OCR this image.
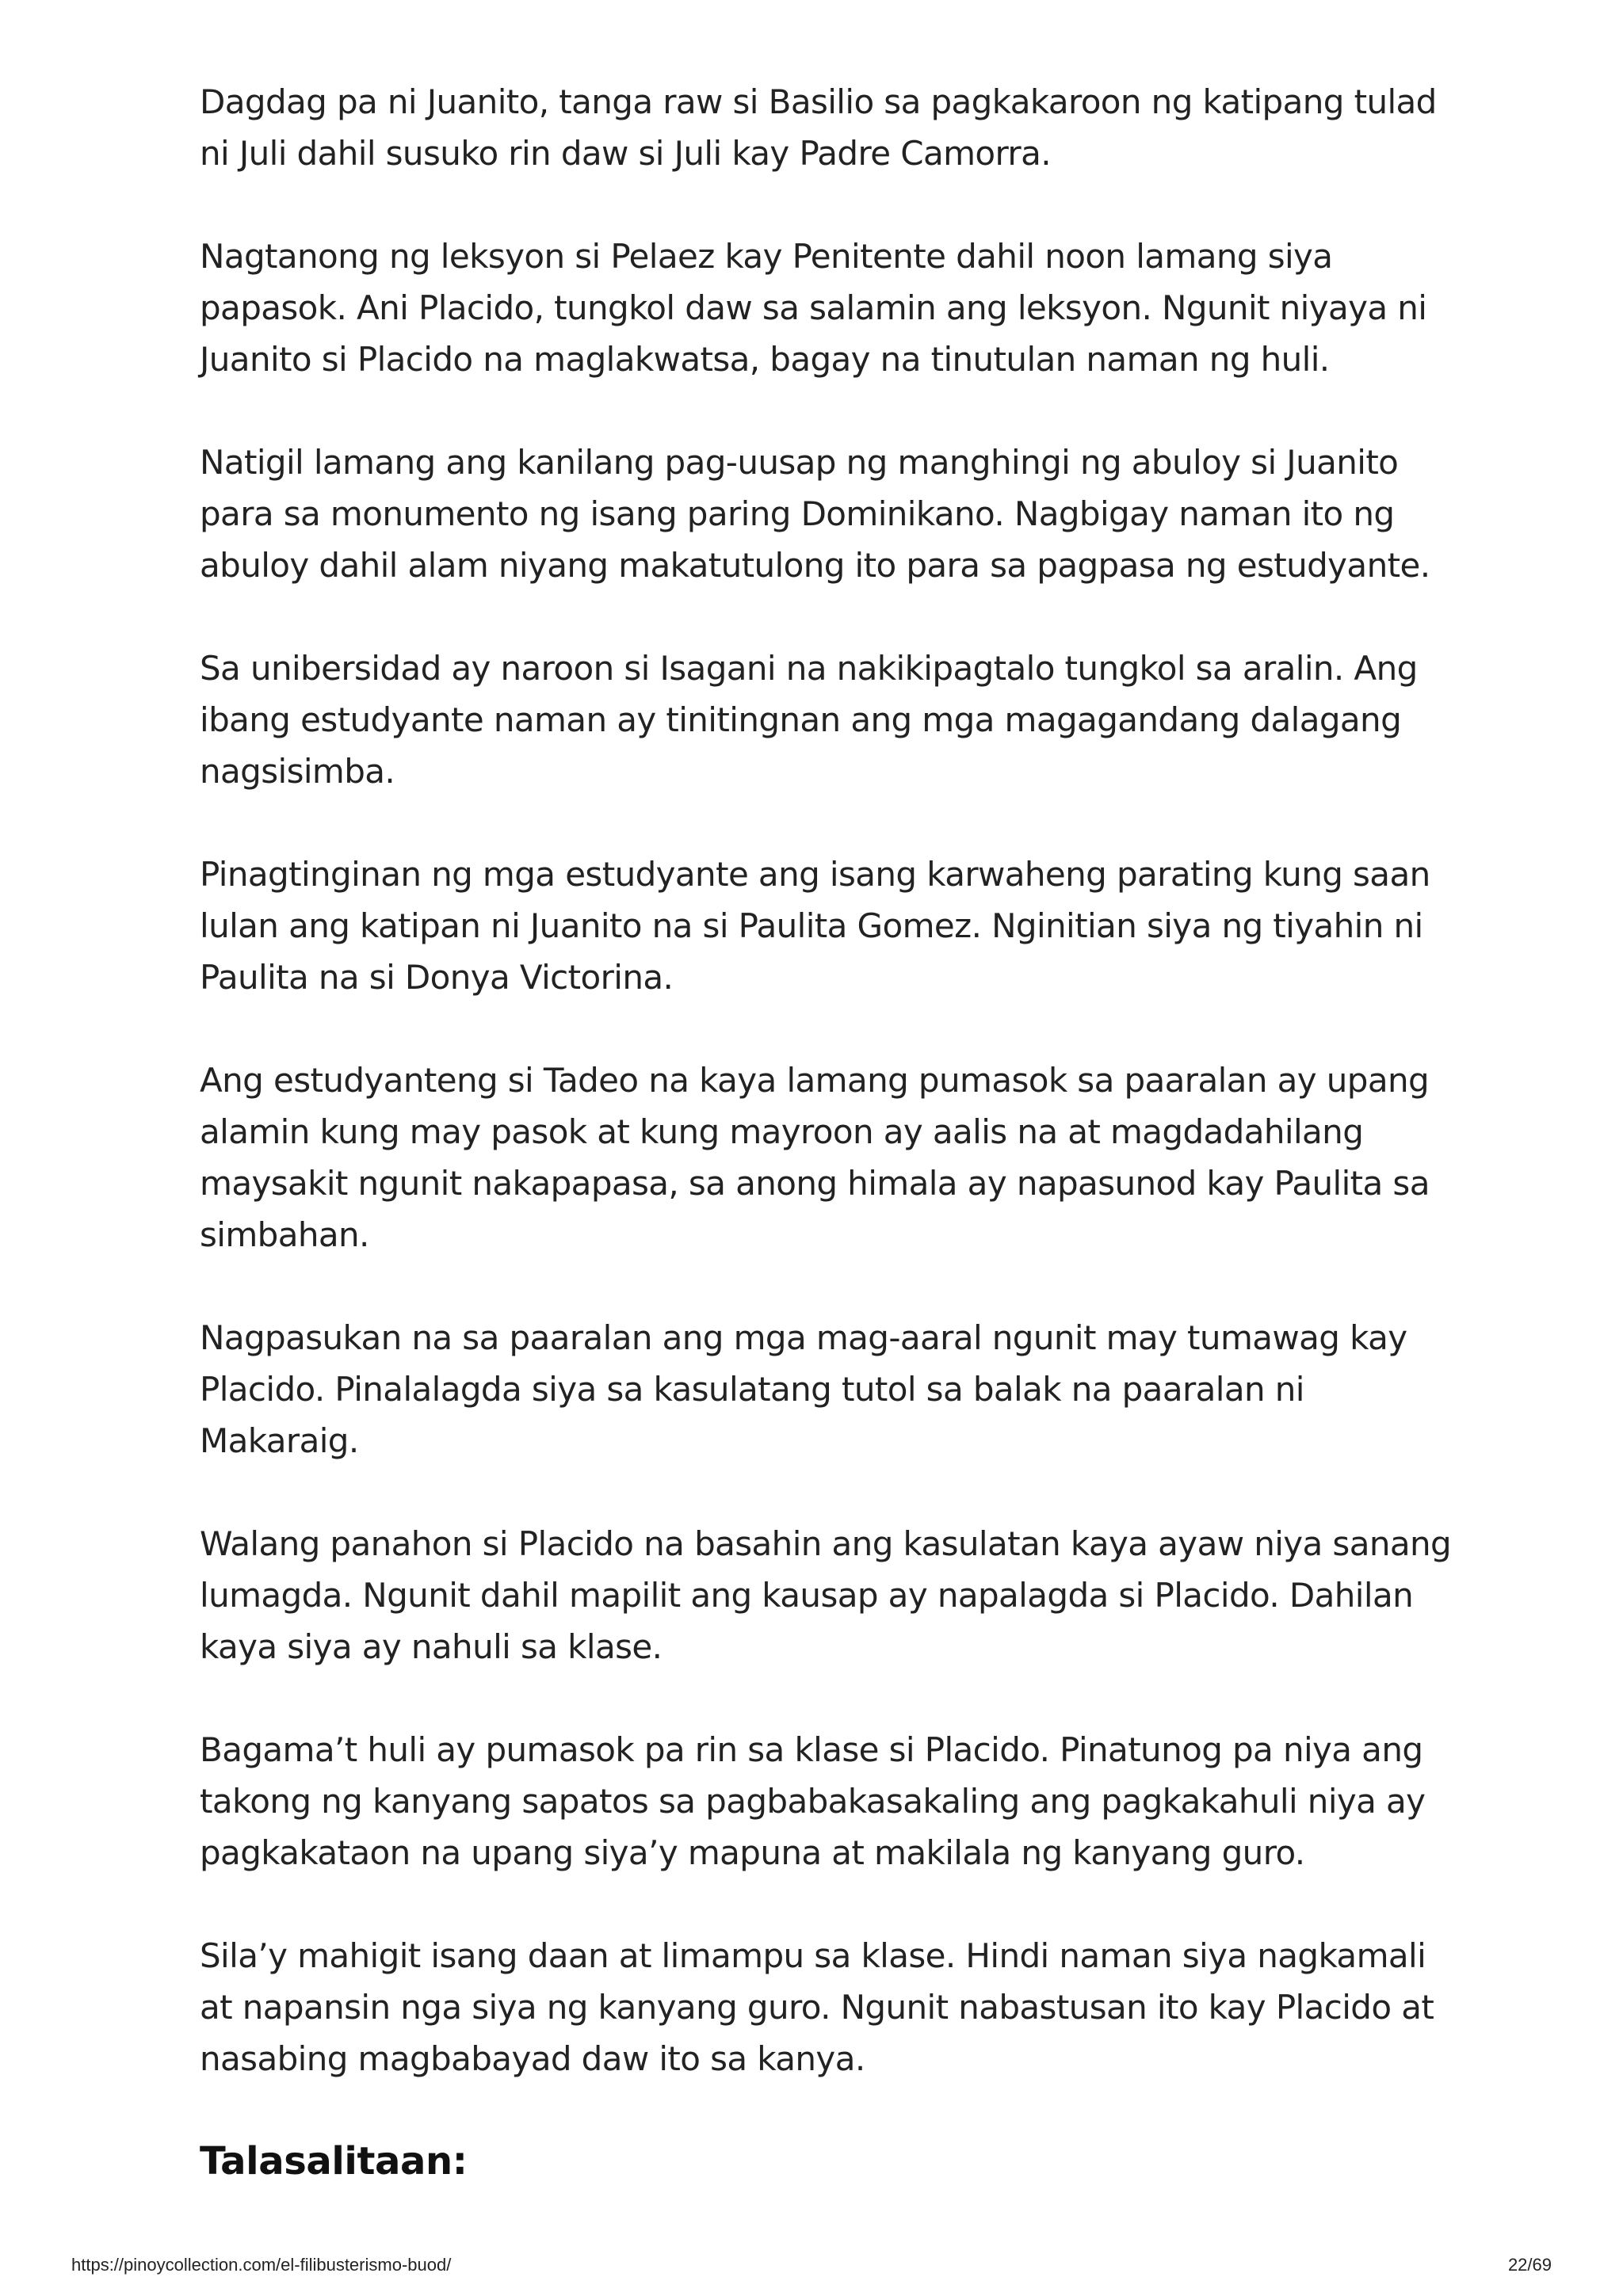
Dagdag pa ni Juanito, tanga raw si Basilio sa pagkakaroon ng katipang tulad ni Juli dahil susuko rin daw si Juli kay Padre Camorra.

Nagtanong ng leksyon si Pelaez kay Penitente dahil noon lamang siya papasok. Ani Placido, tungkol daw sa salamin ang leksyon. Ngunit niyaya ni Juanito si Placido na maglakwatsa, bagay na tinutulan naman ng huli.

Natigil lamang ang kanilang pag-uusap ng manghingi ng abuloy si Juanito para sa monumento ng isang paring Dominikano. Nagbigay naman ito ng abuloy dahil alam niyang makatutulong ito para sa pagpasa ng estudyante.

Sa unibersidad ay naroon si Isagani na nakikipagtalo tungkol sa aralin. Ang ibang estudyante naman ay tinitingnan ang mga magagandang dalagang nagsisimba.

Pinagtinginan ng mga estudyante ang isang karwaheng parating kung saan lulan ang katipan ni Juanito na si Paulita Gomez. Nginitian siya ng tiyahin ni Paulita na si Donya Victorina.

Ang estudyanteng si Tadeo na kaya lamang pumasok sa paaralan ay upang alamin kung may pasok at kung mayroon ay aalis na at magdadahilang maysakit ngunit nakapapasa, sa anong himala ay napasunod kay Paulita sa simbahan.

Nagpasukan na sa paaralan ang mga mag-aaral ngunit may tumawag kay Placido. Pinalalagda siya sa kasulatang tutol sa balak na paaralan ni Makaraig.

Walang panahon si Placido na basahin ang kasulatan kaya ayaw niya sanang lumagda. Ngunit dahil mapilit ang kausap ay napalagda si Placido. Dahilan kaya siya ay nahuli sa klase.

Bagama’t huli ay pumasok pa rin sa klase si Placido. Pinatunog pa niya ang takong ng kanyang sapatos sa pagbabakasakaling ang pagkakahuli niya ay pagkakataon na upang siya’y mapuna at makilala ng kanyang guro.

Sila’y mahigit isang daan at limampu sa klase. Hindi naman siya nagkamali at napansin nga siya ng kanyang guro. Ngunit nabastusan ito kay Placido at nasabing magbabayad daw ito sa kanya.

Talasalitaan:
https://pinoycollection.com/el-filibusterismo-buod/	22/69
